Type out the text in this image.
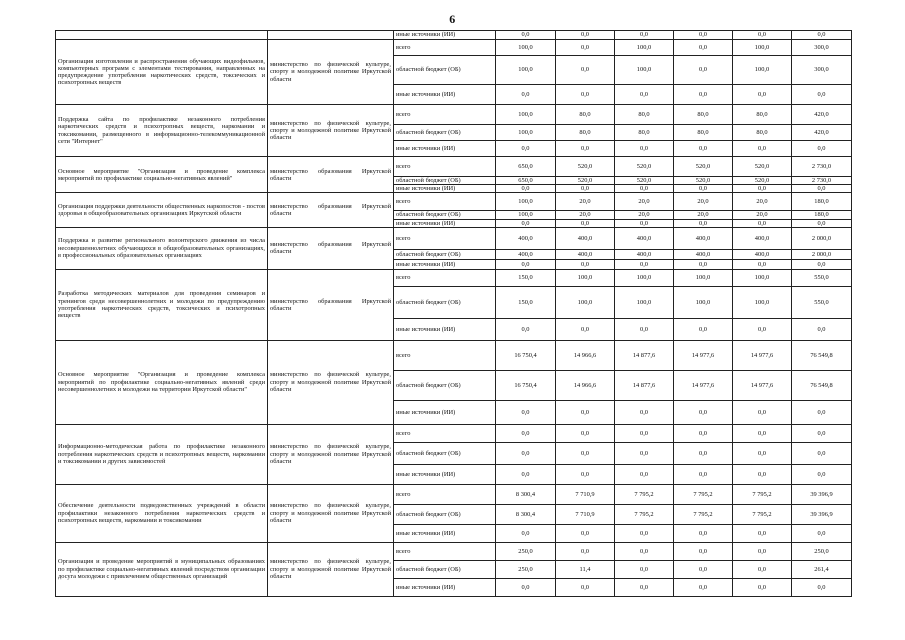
6
		иные источники (ИИ)	0,0	0,0	0,0	0,0	0,0	0,0
Организация изготовления и распространения обучающих видеофильмов, компьютерных программ с элементами тестирования, направленных на предупреждение употребления наркотических средств, токсических и психотропных веществ	министерство по физической культуре, спорту и молодежной политике Иркутской области	всего	100,0	0,0	100,0	0,0	100,0	300,0
		областной бюджет (ОБ)	100,0	0,0	100,0	0,0	100,0	300,0
		иные источники (ИИ)	0,0	0,0	0,0	0,0	0,0	0,0
Поддержка сайта по профилактике незаконного потребления наркотических средств и психотропных веществ, наркомании и токсикомании, размещенного в информационно-телекоммуникационной сети "Интернет"	министерство по физической культуре, спорту и молодежной политике Иркутской области	всего	100,0	80,0	80,0	80,0	80,0	420,0
		областной бюджет (ОБ)	100,0	80,0	80,0	80,0	80,0	420,0
		иные источники (ИИ)	0,0	0,0	0,0	0,0	0,0	0,0
Основное мероприятие "Организация и проведение комплекса мероприятий по профилактике социально-негативных явлений"	министерство образования Иркутской области	всего	650,0	520,0	520,0	520,0	520,0	2 730,0
		областной бюджет (ОБ)	650,0	520,0	520,0	520,0	520,0	2 730,0
		иные источники (ИИ)	0,0	0,0	0,0	0,0	0,0	0,0
Организация поддержки деятельности общественных наркопостов - постов здоровья в общеобразовательных организациях Иркутской области	министерство образования Иркутской области	всего	100,0	20,0	20,0	20,0	20,0	180,0
		областной бюджет (ОБ)	100,0	20,0	20,0	20,0	20,0	180,0
		иные источники (ИИ)	0,0	0,0	0,0	0,0	0,0	0,0
Поддержка и развитие регионального волонтерского движения из числа несовершеннолетних обучающихся в общеобразовательных организациях, в профессиональных образовательных организациях	министерство образования Иркутской области	всего	400,0	400,0	400,0	400,0	400,0	2 000,0
		областной бюджет (ОБ)	400,0	400,0	400,0	400,0	400,0	2 000,0
		иные источники (ИИ)	0,0	0,0	0,0	0,0	0,0	0,0
Разработка методических материалов для проведения семинаров и тренингов среди несовершеннолетних и молодежи по предупреждению употребления наркотических средств, токсических и психотропных веществ	министерство образования Иркутской области	всего	150,0	100,0	100,0	100,0	100,0	550,0
		областной бюджет (ОБ)	150,0	100,0	100,0	100,0	100,0	550,0
		иные источники (ИИ)	0,0	0,0	0,0	0,0	0,0	0,0
Основное мероприятие "Организация и проведение комплекса мероприятий по профилактике социально-негативных явлений среди несовершеннолетних и молодежи на территории Иркутской области"	министерство по физической культуре, спорту и молодежной политике Иркутской области	всего	16 750,4	14 966,6	14 877,6	14 977,6	14 977,6	76 549,8
		областной бюджет (ОБ)	16 750,4	14 966,6	14 877,6	14 977,6	14 977,6	76 549,8
		иные источники (ИИ)	0,0	0,0	0,0	0,0	0,0	0,0
Информационно-методическая работа по профилактике незаконного потребления наркотических средств и психотропных веществ, наркомании и токсикомании и других зависимостей	министерство по физической культуре, спорту и молодежной политике Иркутской области	всего	0,0	0,0	0,0	0,0	0,0	0,0
		областной бюджет (ОБ)	0,0	0,0	0,0	0,0	0,0	0,0
		иные источники (ИИ)	0,0	0,0	0,0	0,0	0,0	0,0
Обеспечение деятельности подведомственных учреждений в области профилактики незаконного потребления наркотических средств и психотропных веществ, наркомании и токсикомании	министерство по физической культуре, спорту и молодежной политике Иркутской области	всего	8 300,4	7 710,9	7 795,2	7 795,2	7 795,2	39 396,9
		областной бюджет (ОБ)	8 300,4	7 710,9	7 795,2	7 795,2	7 795,2	39 396,9
		иные источники (ИИ)	0,0	0,0	0,0	0,0	0,0	0,0
Организация и проведение мероприятий в муниципальных образованиях по профилактике социально-негативных явлений посредством организации досуга молодежи с привлечением общественных организаций	министерство по физической культуре, спорту и молодежной политике Иркутской области	всего	250,0	0,0	0,0	0,0	0,0	250,0
		областной бюджет (ОБ)	250,0	11,4	0,0	0,0	0,0	261,4
		иные источники (ИИ)	0,0	0,0	0,0	0,0	0,0	0,0
